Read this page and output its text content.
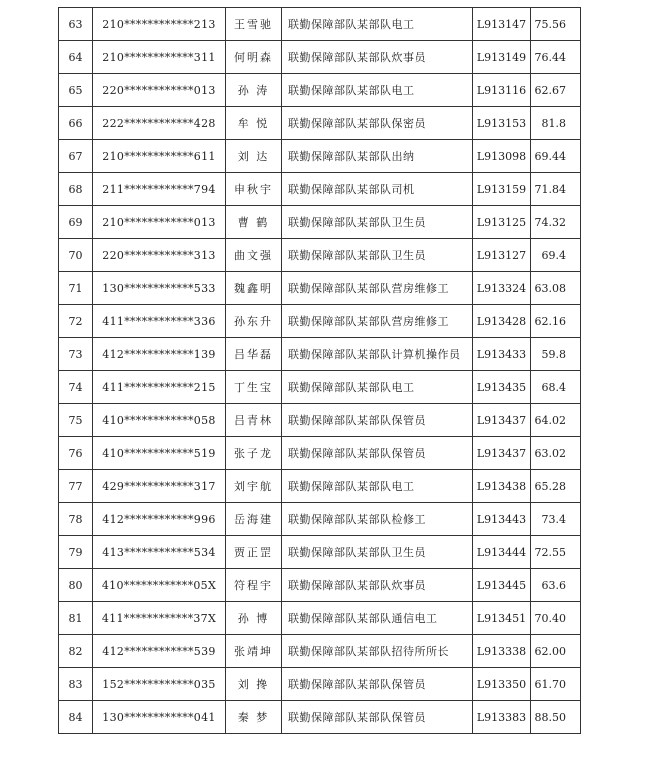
63	210************213	王雪驰	联勤保障部队某部队电工	L913147	75.56
64	210************311	何明森	联勤保障部队某部队炊事员	L913149	76.44
65	220************013	孙 涛	联勤保障部队某部队电工	L913116	62.67
66	222************428	牟 悦	联勤保障部队某部队保密员	L913153	81.8
67	210************611	刘 达	联勤保障部队某部队出纳	L913098	69.44
68	211************794	申秋宇	联勤保障部队某部队司机	L913159	71.84
69	210************013	曹 鹤	联勤保障部队某部队卫生员	L913125	74.32
70	220************313	曲文强	联勤保障部队某部队卫生员	L913127	69.4
71	130************533	魏鑫明	联勤保障部队某部队营房维修工	L913324	63.08
72	411************336	孙东升	联勤保障部队某部队营房维修工	L913428	62.16
73	412************139	吕华磊	联勤保障部队某部队计算机操作员	L913433	59.8
74	411************215	丁生宝	联勤保障部队某部队电工	L913435	68.4
75	410************058	吕青林	联勤保障部队某部队保管员	L913437	64.02
76	410************519	张子龙	联勤保障部队某部队保管员	L913437	63.02
77	429************317	刘宇航	联勤保障部队某部队电工	L913438	65.28
78	412************996	岳海建	联勤保障部队某部队检修工	L913443	73.4
79	413************534	贾正罡	联勤保障部队某部队卫生员	L913444	72.55
80	410************05X	符程宇	联勤保障部队某部队炊事员	L913445	63.6
81	411************37X	孙 博	联勤保障部队某部队通信电工	L913451	70.40
82	412************539	张靖坤	联勤保障部队某部队招待所所长	L913338	62.00
83	152************035	刘 搀	联勤保障部队某部队保管员	L913350	61.70
84	130************041	秦 梦	联勤保障部队某部队保管员	L913383	88.50
